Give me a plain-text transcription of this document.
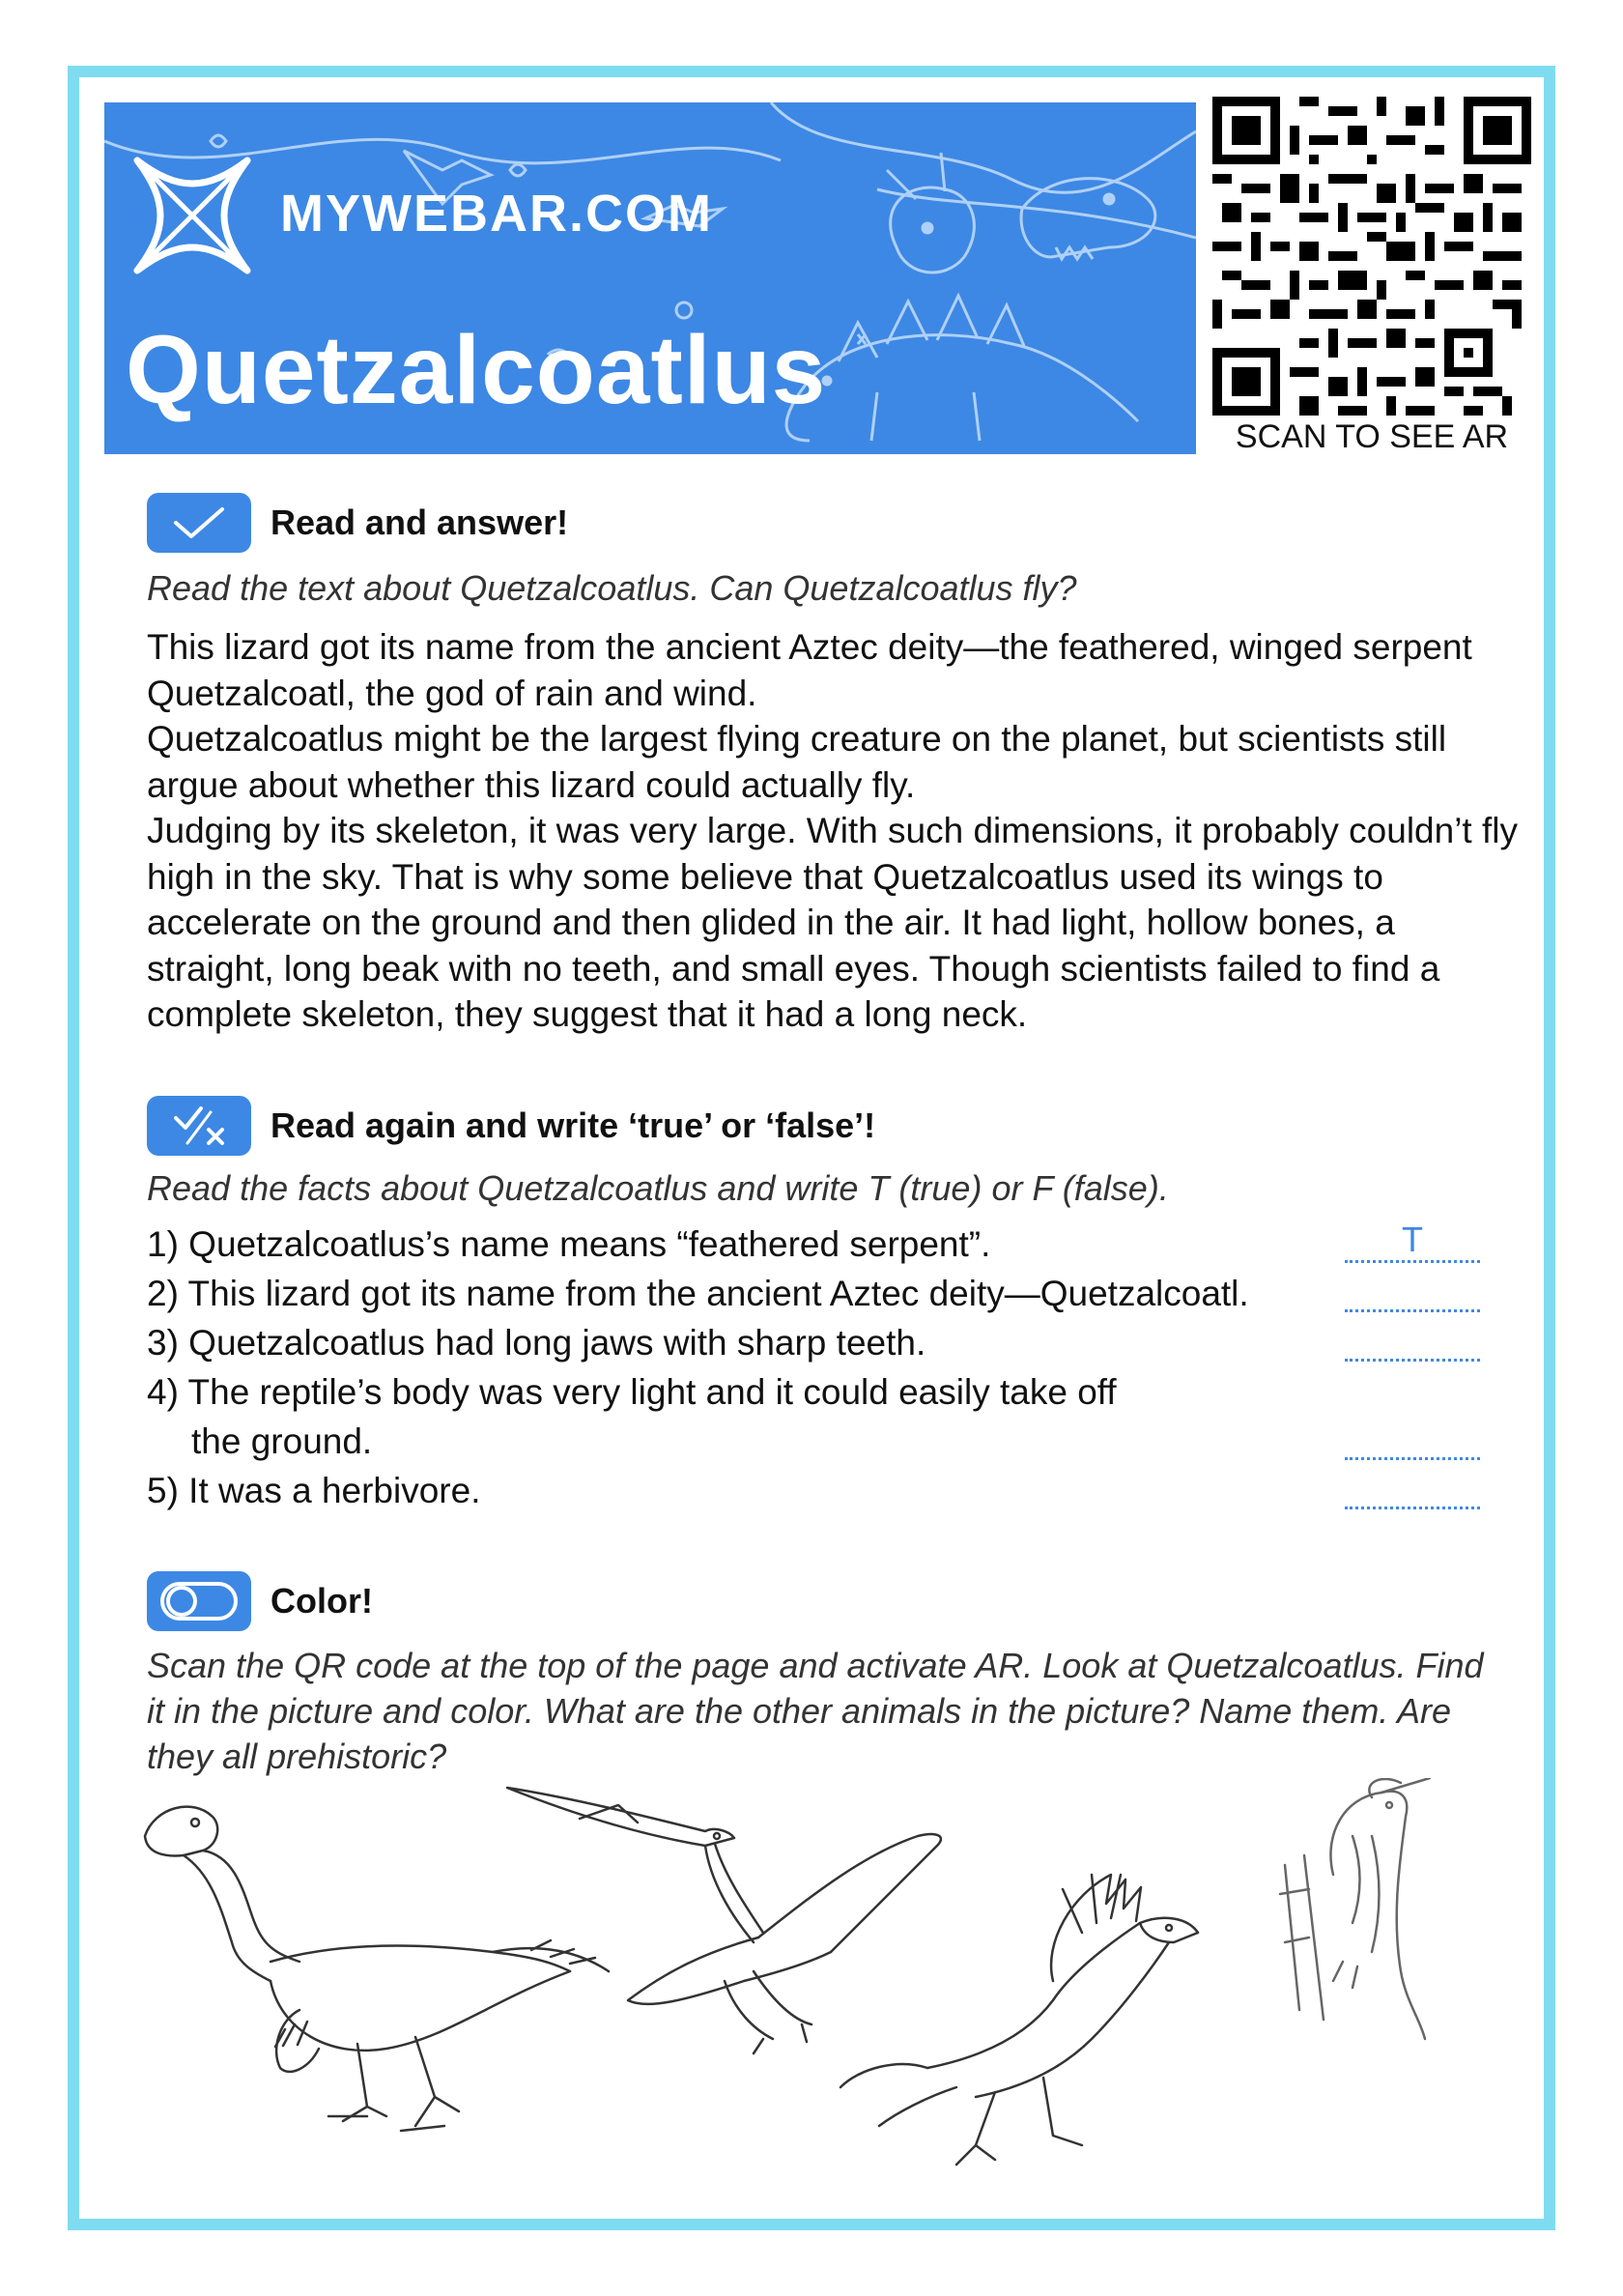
MYWEBAR.COM
Quetzalcoatlus
SCAN TO SEE AR
Read and answer!
Read the text about Quetzalcoatlus. Can Quetzalcoatlus fly?
This lizard got its name from the ancient Aztec deity—the feathered, winged serpent Quetzalcoatl, the god of rain and wind.
Quetzalcoatlus might be the largest flying creature on the planet, but scientists still argue about whether this lizard could actually fly.
Judging by its skeleton, it was very large. With such dimensions, it probably couldn’t fly high in the sky. That is why some believe that Quetzalcoatlus used its wings to accelerate on the ground and then glided in the air. It had light, hollow bones, a straight, long beak with no teeth, and small eyes. Though scientists failed to find a complete skeleton, they suggest that it had a long neck.
Read again and write ‘true’ or ‘false’!
Read the facts about Quetzalcoatlus and write T (true) or F (false).
1) Quetzalcoatlus’s name means “feathered serpent”.	T
2) This lizard got its name from the ancient Aztec deity—Quetzalcoatl.
3) Quetzalcoatlus had long jaws with sharp teeth.
4) The reptile’s body was very light and it could easily take off
the ground.
5) It was a herbivore.
Color!
Scan the QR code at the top of the page and activate AR. Look at Quetzalcoatlus. Find it in the picture and color. What are the other animals in the picture? Name them. Are they all prehistoric?
